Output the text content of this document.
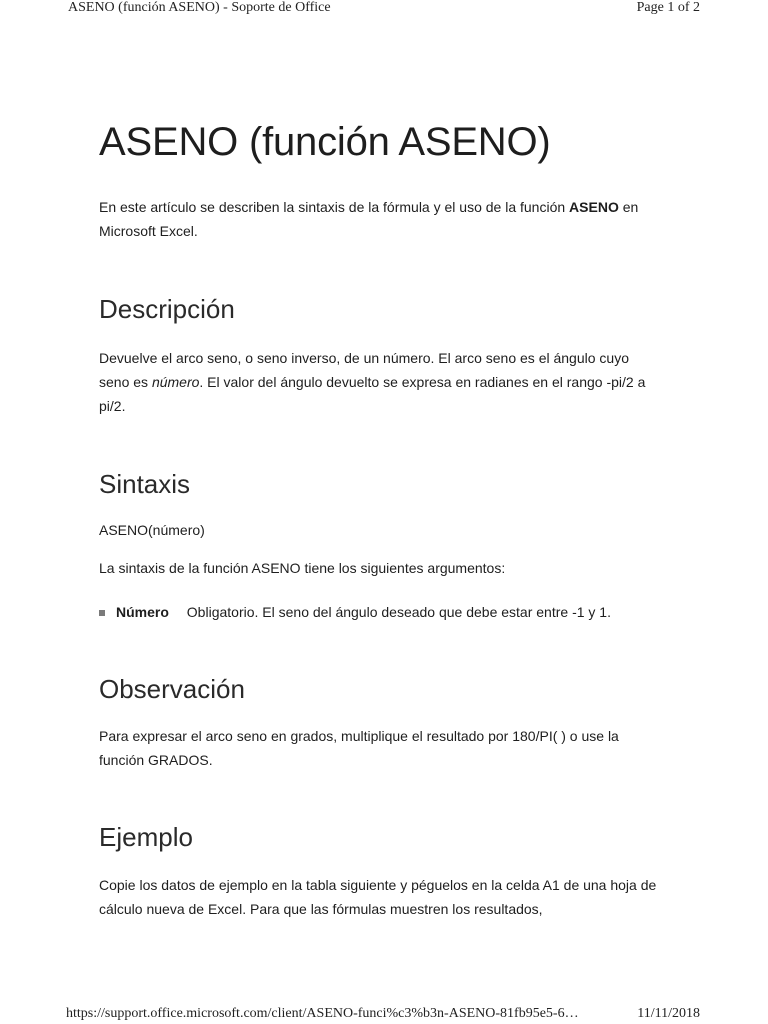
ASENO (función ASENO) - Soporte de Office	Page 1 of 2
ASENO (función ASENO)

En este artículo se describen la sintaxis de la fórmula y el uso de la función ASENO en Microsoft Excel.

Descripción

Devuelve el arco seno, o seno inverso, de un número. El arco seno es el ángulo cuyo seno es número. El valor del ángulo devuelto se expresa en radianes en el rango -pi/2 a pi/2.

Sintaxis

ASENO(número)

La sintaxis de la función ASENO tiene los siguientes argumentos:

Número Obligatorio. El seno del ángulo deseado que debe estar entre -1 y 1.
Observación

Para expresar el arco seno en grados, multiplique el resultado por 180/PI( ) o use la función GRADOS.

Ejemplo

Copie los datos de ejemplo en la tabla siguiente y péguelos en la celda A1 de una hoja de cálculo nueva de Excel. Para que las fórmulas muestren los resultados,

https://support.office.microsoft.com/client/ASENO-funci%c3%b3n-ASENO-81fb95e5-6…	11/11/2018
